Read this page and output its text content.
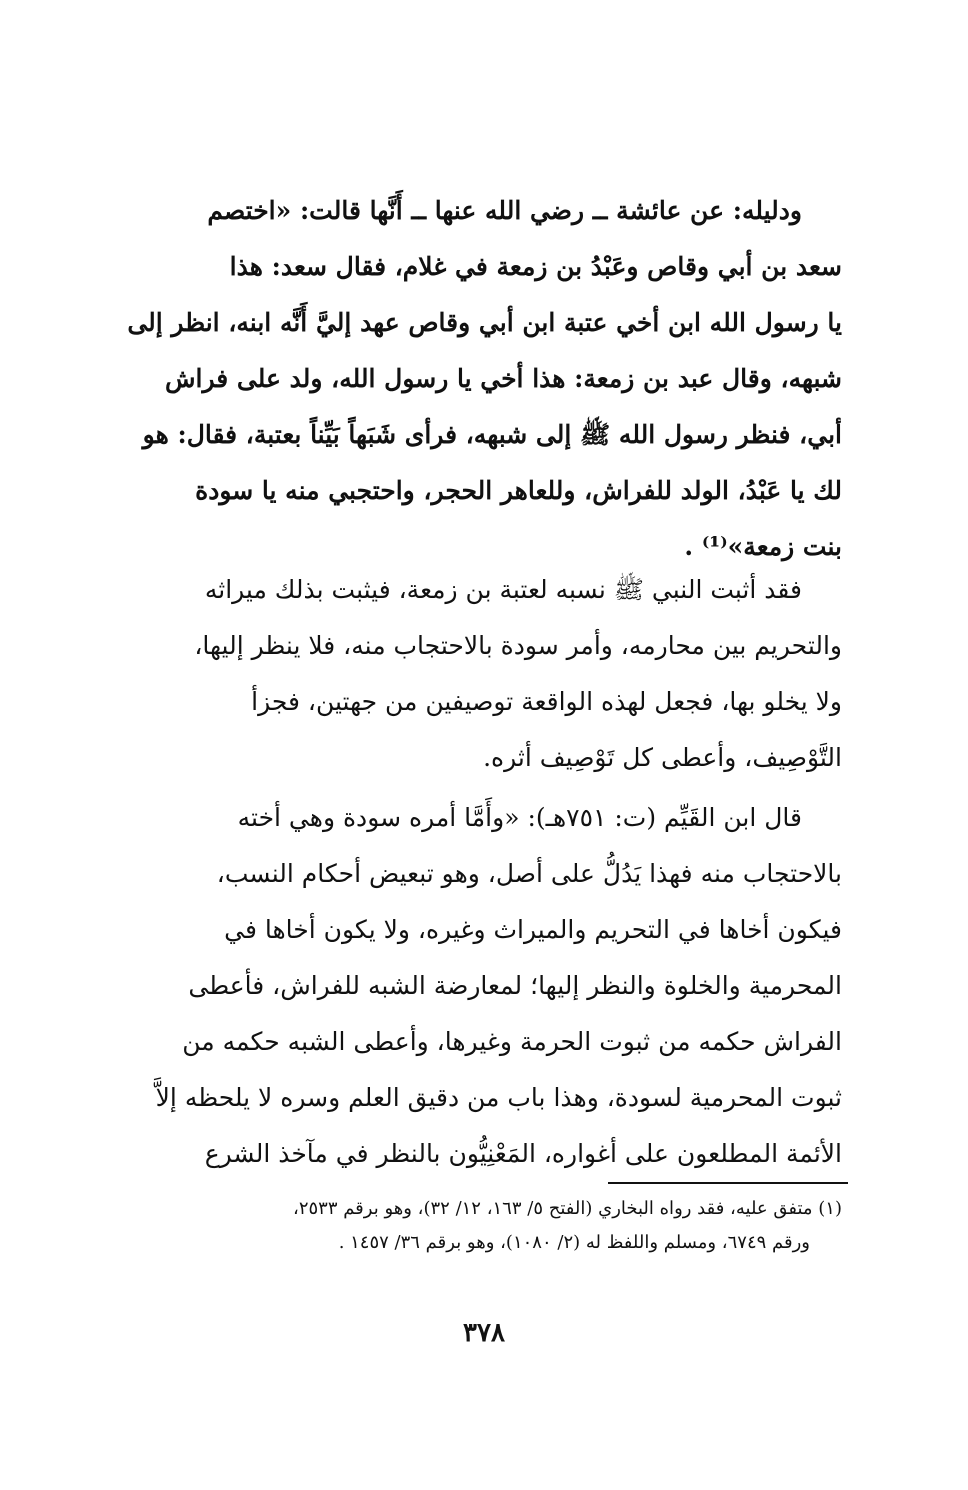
ودليله: عن عائشة ــ رضي الله عنها ــ أَنَّها قالت: «اختصم
سعد بن أبي وقاص وعَبْدُ بن زمعة في غلام، فقال سعد: هذا
يا رسول الله ابن أخي عتبة ابن أبي وقاص عهد إليَّ أَنَّه ابنه، انظر إلى
شبهه، وقال عبد بن زمعة: هذا أخي يا رسول الله، ولد على فراش
أبي، فنظر رسول الله ﷺ إلى شبهه، فرأى شَبَهاً بَيِّناً بعتبة، فقال: هو
لك يا عَبْدُ، الولد للفراش، وللعاهر الحجر، واحتجبي منه يا سودة
بنت زمعة»⁽¹⁾ .
فقد أثبت النبي ﷺ نسبه لعتبة بن زمعة، فيثبت بذلك ميراثه
والتحريم بين محارمه، وأمر سودة بالاحتجاب منه، فلا ينظر إليها،
ولا يخلو بها، فجعل لهذه الواقعة توصيفين من جهتين، فجزأ
التَّوْصِيف، وأعطى كل تَوْصِيف أثره.
قال ابن القَيِّم (ت: ٧٥١هـ): «وأَمَّا أمره سودة وهي أخته
بالاحتجاب منه فهذا يَدُلُّ على أصل، وهو تبعيض أحكام النسب،
فيكون أخاها في التحريم والميراث وغيره، ولا يكون أخاها في
المحرمية والخلوة والنظر إليها؛ لمعارضة الشبه للفراش، فأعطى
الفراش حكمه من ثبوت الحرمة وغيرها، وأعطى الشبه حكمه من
ثبوت المحرمية لسودة، وهذا باب من دقيق العلم وسره لا يلحظه إلاَّ
الأئمة المطلعون على أغواره، المَعْنِيُّون بالنظر في مآخذ الشرع
(١) متفق عليه، فقد رواه البخاري (الفتح ٥/ ١٦٣، ١٢/ ٣٢)، وهو برقم ٢٥٣٣،
ورقم ٦٧٤٩، ومسلم واللفظ له (٢/ ١٠٨٠)، وهو برقم ٣٦/ ١٤٥٧ .
٣٧٨
